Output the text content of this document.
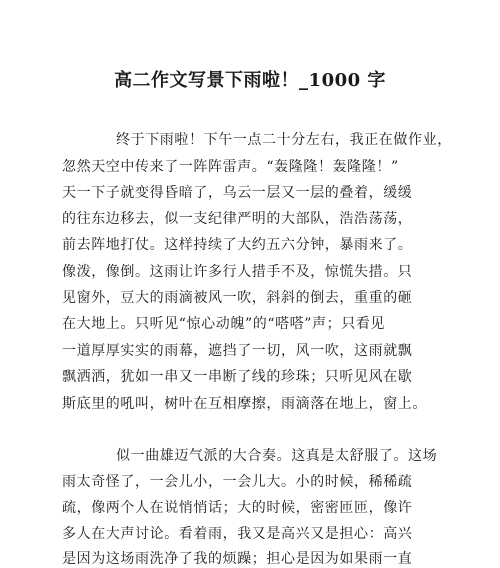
高二作文写景下雨啦！_1000 字
终于下雨啦！下午一点二十分左右，我正在做作业，
忽然天空中传来了一阵阵雷声。“轰隆隆！轰隆隆！”
天一下子就变得昏暗了，乌云一层又一层的叠着，缓缓
的往东边移去，似一支纪律严明的大部队，浩浩荡荡，
前去阵地打仗。这样持续了大约五六分钟，暴雨来了。
像泼，像倒。这雨让许多行人措手不及，惊慌失措。只
见窗外，豆大的雨滴被风一吹，斜斜的倒去，重重的砸
在大地上。只听见“惊心动魄”的“嗒嗒”声；只看见
一道厚厚实实的雨幕，遮挡了一切，风一吹，这雨就飘
飘洒洒，犹如一串又一串断了线的珍珠；只听见风在歇
斯底里的吼叫，树叶在互相摩擦，雨滴落在地上，窗上。
似一曲雄迈气派的大合奏。这真是太舒服了。这场
雨太奇怪了，一会儿小，一会儿大。小的时候，稀稀疏
疏，像两个人在说悄悄话；大的时候，密密匝匝，像许
多人在大声讨论。看着雨，我又是高兴又是担心：高兴
是因为这场雨洗净了我的烦躁；担心是因为如果雨一直
